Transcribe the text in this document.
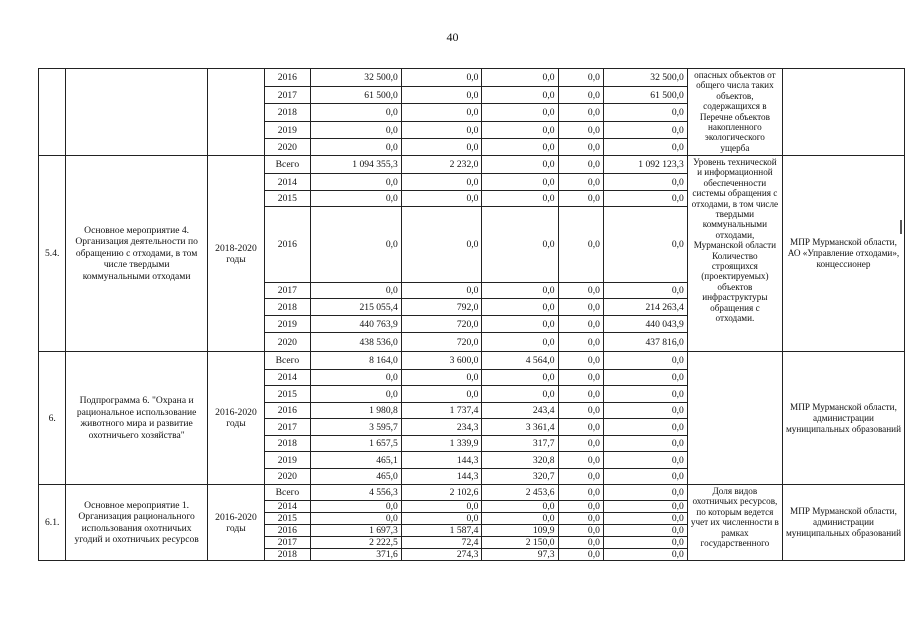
40
			2016	32 500,0	0,0	0,0	0,0	32 500,0	опасных объектов от общего числа таких объектов, содержащихся в Перечне объектов накопленного экологического ущерба	
			2017	61 500,0	0,0	0,0	0,0	61 500,0		
			2018	0,0	0,0	0,0	0,0	0,0		
			2019	0,0	0,0	0,0	0,0	0,0		
			2020	0,0	0,0	0,0	0,0	0,0		
5.4.	Основное мероприятие 4. Организация деятельности по обращению с отходами, в том числе твердыми коммунальными отходами	2018-2020 годы	Всего	1 094 355,3	2 232,0	0,0	0,0	1 092 123,3	Уровень технической и информационной обеспеченности системы обращения с отходами, в том числе твердыми коммунальными отходами, Мурманской области Количество строящихся (проектируемых) объектов инфраструктуры обращения с отходами.	МПР Мурманской области, АО «Управление отходами», концессионер
			2014	0,0	0,0	0,0	0,0	0,0		
			2015	0,0	0,0	0,0	0,0	0,0		
			2016	0,0	0,0	0,0	0,0	0,0		
			2017	0,0	0,0	0,0	0,0	0,0		
			2018	215 055,4	792,0	0,0	0,0	214 263,4		
			2019	440 763,9	720,0	0,0	0,0	440 043,9		
			2020	438 536,0	720,0	0,0	0,0	437 816,0		
6.	Подпрограмма 6. "Охрана и рациональное использование животного мира и развитие охотничьего хозяйства"	2016-2020 годы	Всего	8 164,0	3 600,0	4 564,0	0,0	0,0		МПР Мурманской области, администрации муниципальных образований
			2014	0,0	0,0	0,0	0,0	0,0		
			2015	0,0	0,0	0,0	0,0	0,0		
			2016	1 980,8	1 737,4	243,4	0,0	0,0		
			2017	3 595,7	234,3	3 361,4	0,0	0,0		
			2018	1 657,5	1 339,9	317,7	0,0	0,0		
			2019	465,1	144,3	320,8	0,0	0,0		
			2020	465,0	144,3	320,7	0,0	0,0		
6.1.	Основное мероприятие 1. Организация рационального использования охотничьих угодий и охотничьих ресурсов	2016-2020 годы	Всего	4 556,3	2 102,6	2 453,6	0,0	0,0	Доля видов охотничьих ресурсов, по которым ведется учет их численности в рамках государственного	МПР Мурманской области, администрации муниципальных образований
			2014	0,0	0,0	0,0	0,0	0,0		
			2015	0,0	0,0	0,0	0,0	0,0		
			2016	1 697,3	1 587,4	109,9	0,0	0,0		
			2017	2 222,5	72,4	2 150,0	0,0	0,0		
			2018	371,6	274,3	97,3	0,0	0,0		
